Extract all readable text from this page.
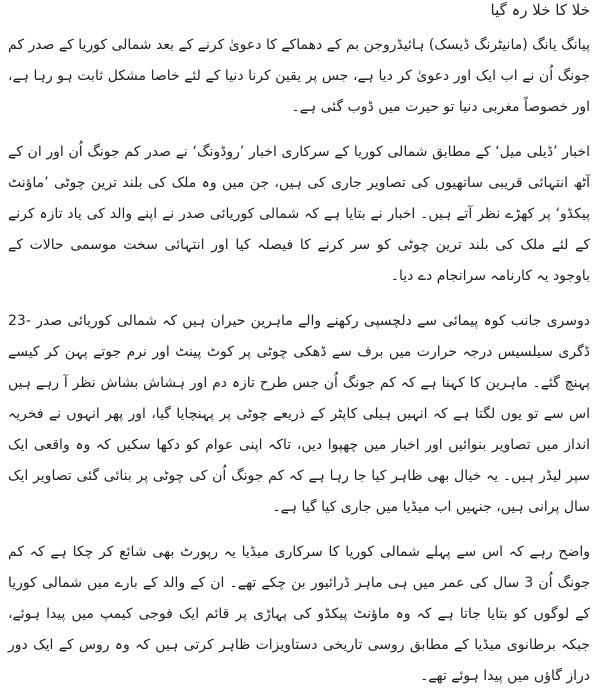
خلا کا خلا رہ گیا

پیانگ یانگ (مانیٹرنگ ڈیسک) ہائیڈروجن بم کے دھماکے کا دعویٰ کرنے کے بعد شمالی کوریا کے صدر کم جونگ اُن نے اب ایک اور دعویٰ کر دیا ہے، جس پر یقین کرنا دنیا کے لئے خاصا مشکل ثابت ہو رہا ہے، اور خصوصاً مغربی دنیا تو حیرت میں ڈوب گئی ہے۔

اخبار ’ڈیلی میل‘ کے مطابق شمالی کوریا کے سرکاری اخبار ’روڈونگ‘ نے صدر کم جونگ اُن اور ان کے آٹھ انتہائی قریبی ساتھیوں کی تصاویر جاری کی ہیں، جن میں وہ ملک کی بلند ترین چوٹی ’ماؤنٹ پیکڈو‘ پر کھڑے نظر آتے ہیں۔ اخبار نے بتایا ہے کہ شمالی کوریائی صدر نے اپنے والد کی یاد تازہ کرنے کے لئے ملک کی بلند ترین چوٹی کو سر کرنے کا فیصلہ کیا اور انتہائی سخت موسمی حالات کے باوجود یہ کارنامہ سرانجام دے دیا۔

دوسری جانب کوہ پیمائی سے دلچسپی رکھنے والے ماہرین حیران ہیں کہ شمالی کوریائی صدر -23 ڈگری سیلسیس درجہ حرارت میں برف سے ڈھکی چوٹی پر کوٹ پینٹ اور نرم جوتے پہن کر کیسے پہنچ گئے۔ ماہرین کا کہنا ہے کہ کم جونگ اُن جس طرح تازہ دم اور ہشاش بشاش نظر آ رہے ہیں اس سے تو یوں لگتا ہے کہ انہیں ہیلی کاپٹر کے ذریعے چوٹی پر پہنچایا گیا، اور پھر انہوں نے فخریہ انداز میں تصاویر بنوائیں اور اخبار میں چھپوا دیں، تاکہ اپنی عوام کو دکھا سکیں کہ وہ واقعی ایک سپر لیڈر ہیں۔ یہ خیال بھی ظاہر کیا جا رہا ہے کہ کم جونگ اُن کی چوٹی پر بنائی گئی تصاویر ایک سال پرانی ہیں، جنہیں اب میڈیا میں جاری کیا گیا ہے۔

واضح رہے کہ اس سے پہلے شمالی کوریا کا سرکاری میڈیا یہ رپورٹ بھی شائع کر چکا ہے کہ کم جونگ اُن 3 سال کی عمر میں ہی ماہر ڈرائیور بن چکے تھے۔ ان کے والد کے بارے میں شمالی کوریا کے لوگوں کو بتایا جاتا ہے کہ وہ ماؤنٹ پیکڈو کی پہاڑی پر قائم ایک فوجی کیمپ میں پیدا ہوئے، جبکہ برطانوی میڈیا کے مطابق روسی تاریخی دستاویزات ظاہر کرتی ہیں کہ وہ روس کے ایک دور دراز گاؤں میں پیدا ہوئے تھے۔
